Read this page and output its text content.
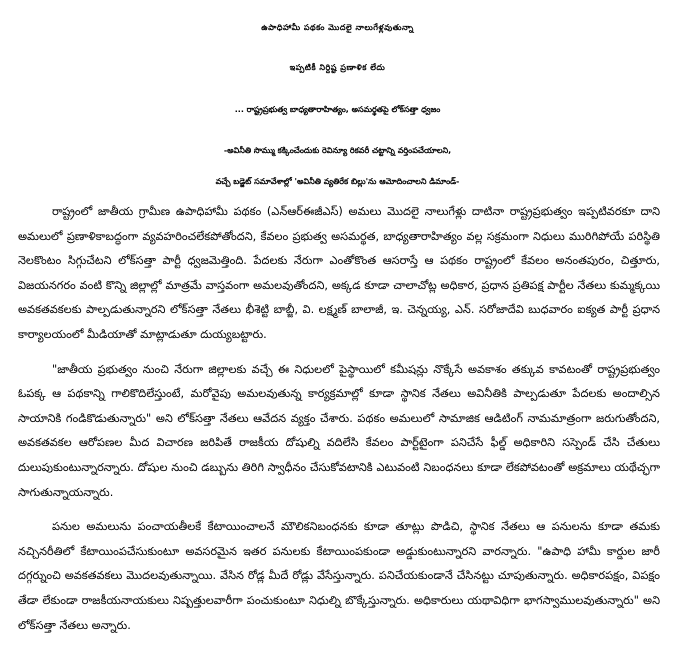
ఉపాధిహామీ పథకం మొదలై నాలుగేళ్లవుతున్నా
ఇప్పటికీ నిర్దిష్ట ప్రణాళిక లేదు
... రాష్ట్రప్రభుత్వ బాధ్యతారాహిత్యం, అసమర్థతపై లోక్‌సత్తా ధ్వజం
-అవినీతి సొమ్ము కక్కించేందుకు రెవిన్యూ రికవరీ చట్టాన్ని వర్తింపచేయాలని,
వచ్చే బడ్జెట్ సమావేశాల్లో 'అవినీతి వ్యతిరేక బిల్లు'ను ఆమోదించాలని డిమాండ్-

రాష్ట్రంలో జాతీయ గ్రామీణ ఉపాధిహామీ పథకం (ఎన్ఆర్ఈజీఎస్) అమలు మొదలై నాలుగేళ్లు దాటినా రాష్ట్రప్రభుత్వం ఇప్పటివరకూ దాని అమలులో ప్రణాళికాబద్ధంగా వ్యవహరించలేకపోతోందని, కేవలం ప్రభుత్వ అసమర్థత, బాధ్యతారాహిత్యం వల్ల సక్రమంగా నిధులు మురిగిపోయే పరిస్థితి నెలకొంటం సిగ్గుచేటని లోక్‌సత్తా పార్టీ ధ్వజమెత్తింది. పేదలకు నేరుగా ఎంతోకొంత ఆసరాస్తే ఆ పథకం రాష్ట్రంలో కేవలం అనంతపురం, చిత్తూరు, విజయనగరం వంటి కొన్ని జిల్లాల్లో మాత్రమే వాస్తవంగా అమలవుతోందని, అక్కడ కూడా చాలాచోట్ల అధికార, ప్రధాన ప్రతిపక్ష పార్టీల నేతలు కుమ్మక్కయి అవకతవకలకు పాల్పడుతున్నారని లోక్‌సత్తా నేతలు భీశెట్టి బాబ్జీ, వి. లక్ష్మణ్ బాలాజీ, ఇ. చెన్నయ్య, ఎన్. సరోజాదేవి బుధవారం ఐక్యత పార్టీ ప్రధాన కార్యాలయంలో మీడియాతో మాట్లాడుతూ దుయ్యబట్టారు.

"జాతీయ ప్రభుత్వం నుంచి నేరుగా జిల్లాలకు వచ్చే ఈ నిధులలో పైస్థాయిలో కమీషన్లు నొక్కేసే అవకాశం తక్కువ కావటంతో రాష్ట్రప్రభుత్వం ఓపక్క ఆ పథకాన్ని గాలికొదిలేస్తుంటే, మరోవైపు అమలవుతున్న కార్యక్రమాల్లో కూడా స్థానిక నేతలు అవినీతికి పాల్పడుతూ పేదలకు అందాల్సిన సాయానికి గండికొడుతున్నారు" అని లోక్‌సత్తా నేతలు ఆవేదన వ్యక్తం చేశారు. పథకం అమలులో సామాజిక ఆడిటింగ్ నామమాత్రంగా జరుగుతోందని, అవకతవకల ఆరోపణల మీద విచారణ జరిపితే రాజకీయ దోషుల్ని వదిలేసి కేవలం పార్ట్‌టైంగా పనిచేసే ఫీల్డ్ అధికారిని సస్పెండ్ చేసి చేతులు దులుపుకుంటున్నారన్నారు. దోషుల నుంచి డబ్బును తిరిగి స్వాధీనం చేసుకోవటానికి ఎటువంటి నిబంధనలు కూడా లేకపోవటంతో అక్రమాలు యథేచ్ఛగా సాగుతున్నాయన్నారు.

పనుల అమలును పంచాయతీలకే కేటాయించాలనే మౌలికనిబంధనకు కూడా తూట్లు పొడిచి, స్థానిక నేతలు ఆ పనులను కూడా తమకు నచ్చినరీతిలో కేటాయింపచేసుకుంటూ అవసరమైన ఇతర పనులకు కేటాయింపకుండా అడ్డుకుంటున్నారని వారన్నారు. "ఉపాధి హామీ కార్డుల జారీ దగ్గర్నుంచి అవకతవకలు మొదలవుతున్నాయి. వేసిన రోడ్ల మీదే రోడ్లు వేసేస్తున్నారు. పనిచేయకుండానే చేసినట్టు చూపుతున్నారు. అధికారపక్షం, విపక్షం తేడా లేకుండా రాజకీయనాయకులు నిష్పత్తులవారీగా పంచుకుంటూ నిధుల్ని బొక్కేస్తున్నారు. అధికారులు యథావిధిగా భాగస్వాములవుతున్నారు" అని లోక్‌సత్తా నేతలు అన్నారు.
